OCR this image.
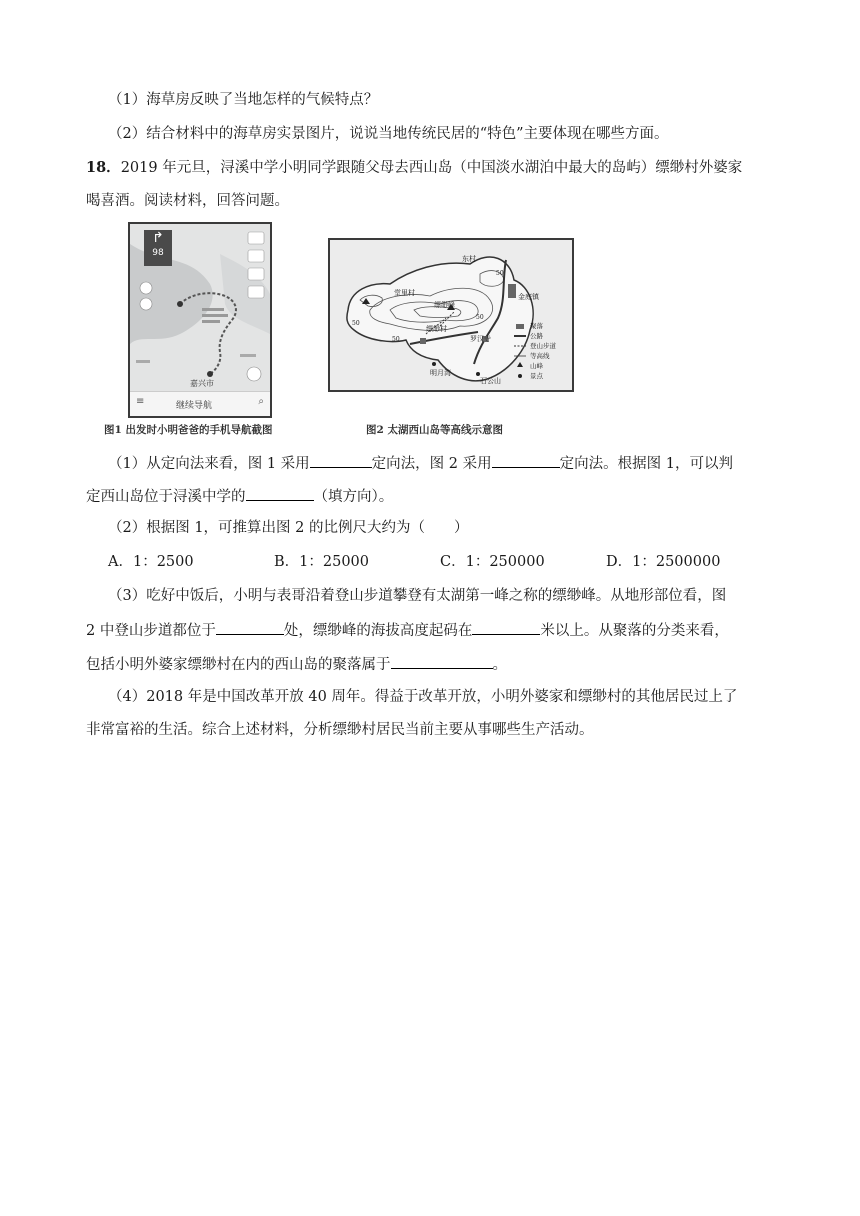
（1）海草房反映了当地怎样的气候特点？
（2）结合材料中的海草房实景图片，说说当地传统民居的“特色”主要体现在哪些方面。
18．2019 年元旦，浔溪中学小明同学跟随父母去西山岛（中国淡水湖泊中最大的岛屿）缥缈村外婆家
喝喜酒。阅读材料，回答问题。
↱
98
嘉兴市
≡	继续导航	⌕
图1 出发时小明爸爸的手机导航截图
东村
金庭镇
缥缈村
缥缈峰
堂里村
罗汉寺
明月湾
石公山
50
50
50
50
聚落
公路
登山步道
等高线
山峰
景点
图2 太湖西山岛等高线示意图
（1）从定向法来看，图 1 采用	定向法，图 2 采用	定向法。根据图 1，可以判
定西山岛位于浔溪中学的	（填方向）。
（2）根据图 1，可推算出图 2 的比例尺大约为（　　）
A．1：2500	B．1：25000	C．1：250000	D．1：2500000
（3）吃好中饭后，小明与表哥沿着登山步道攀登有太湖第一峰之称的缥缈峰。从地形部位看，图
2 中登山步道都位于	处，缥缈峰的海拔高度起码在	米以上。从聚落的分类来看，
包括小明外婆家缥缈村在内的西山岛的聚落属于	。
（4）2018 年是中国改革开放 40 周年。得益于改革开放，小明外婆家和缥缈村的其他居民过上了
非常富裕的生活。综合上述材料，分析缥缈村居民当前主要从事哪些生产活动。
